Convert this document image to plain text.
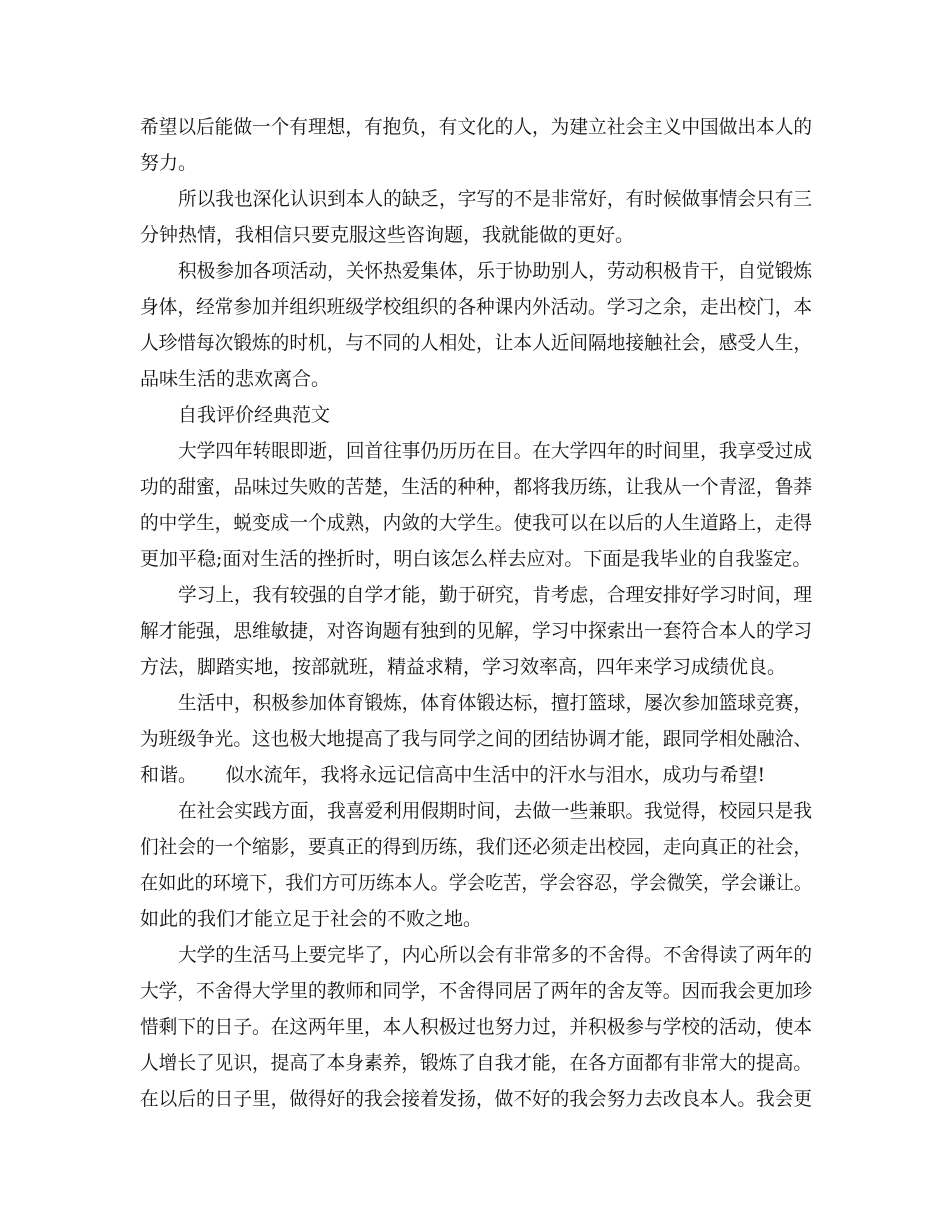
希望以后能做一个有理想，有抱负，有文化的人，为建立社会主义中国做出本人的
努力。
所以我也深化认识到本人的缺乏，字写的不是非常好，有时候做事情会只有三
分钟热情，我相信只要克服这些咨询题，我就能做的更好。
积极参加各项活动，关怀热爱集体，乐于协助别人，劳动积极肯干，自觉锻炼
身体，经常参加并组织班级学校组织的各种课内外活动。学习之余，走出校门，本
人珍惜每次锻炼的时机，与不同的人相处，让本人近间隔地接触社会，感受人生，
品味生活的悲欢离合。
自我评价经典范文
大学四年转眼即逝，回首往事仍历历在目。在大学四年的时间里，我享受过成
功的甜蜜，品味过失败的苦楚，生活的种种，都将我历练，让我从一个青涩，鲁莽
的中学生，蜕变成一个成熟，内敛的大学生。使我可以在以后的人生道路上，走得
更加平稳;面对生活的挫折时，明白该怎么样去应对。下面是我毕业的自我鉴定。
学习上，我有较强的自学才能，勤于研究，肯考虑，合理安排好学习时间，理
解才能强，思维敏捷，对咨询题有独到的见解，学习中探索出一套符合本人的学习
方法，脚踏实地，按部就班，精益求精，学习效率高，四年来学习成绩优良。
生活中，积极参加体育锻炼，体育体锻达标，擅打篮球，屡次参加篮球竞赛，
为班级争光。这也极大地提高了我与同学之间的团结协调才能，跟同学相处融洽、
和谐。　　似水流年，我将永远记信高中生活中的汗水与泪水，成功与希望!
在社会实践方面，我喜爱利用假期时间，去做一些兼职。我觉得，校园只是我
们社会的一个缩影，要真正的得到历练，我们还必须走出校园，走向真正的社会，
在如此的环境下，我们方可历练本人。学会吃苦，学会容忍，学会微笑，学会谦让。
如此的我们才能立足于社会的不败之地。
大学的生活马上要完毕了，内心所以会有非常多的不舍得。不舍得读了两年的
大学，不舍得大学里的教师和同学，不舍得同居了两年的舍友等。因而我会更加珍
惜剩下的日子。在这两年里，本人积极过也努力过，并积极参与学校的活动，使本
人增长了见识，提高了本身素养，锻炼了自我才能，在各方面都有非常大的提高。
在以后的日子里，做得好的我会接着发扬，做不好的我会努力去改良本人。我会更
